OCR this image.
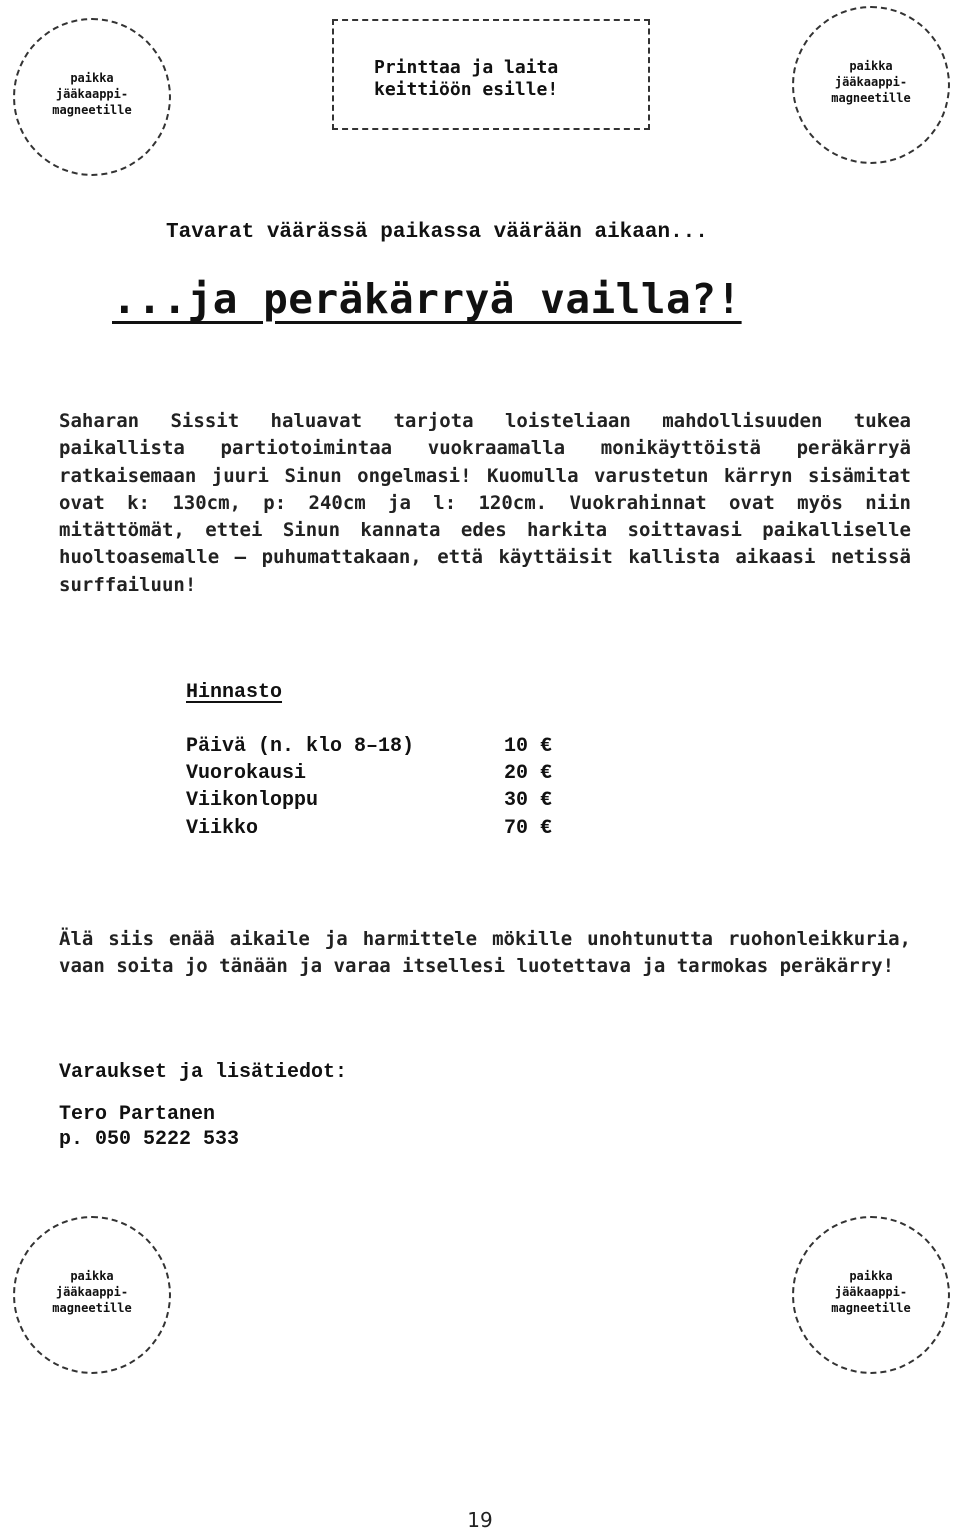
paikka
jääkaappi-
magneetille
paikka
jääkaappi-
magneetille
Printtaa ja laita
keittiöön esille!
Tavarat väärässä paikassa väärään aikaan...
...ja peräkärryä vailla?!
Saharan Sissit haluavat tarjota loisteliaan mahdollisuuden tukea paikallista partiotoimintaa vuokraamalla monikäyttöistä peräkärryä ratkaisemaan juuri Sinun ongelmasi! Kuomulla varustetun kärryn sisämitat ovat k: 130cm, p: 240cm ja l: 120cm. Vuokrahinnat ovat myös niin mitättömät, ettei Sinun kannata edes harkita soittavasi paikalliselle huoltoasemalle – puhumattakaan, että käyttäisit kallista aikaasi netissä surffailuun!
Hinnasto
Päivä (n. klo 8–18)	10 €
Vuorokausi	20 €
Viikonloppu	30 €
Viikko	70 €
Älä siis enää aikaile ja harmittele mökille unohtunutta ruohonleikkuria, vaan soita jo tänään ja varaa itsellesi luotettava ja tarmokas peräkärry!
Varaukset ja lisätiedot:
Tero Partanen
p. 050 5222 533
paikka
jääkaappi-
magneetille
paikka
jääkaappi-
magneetille
19
